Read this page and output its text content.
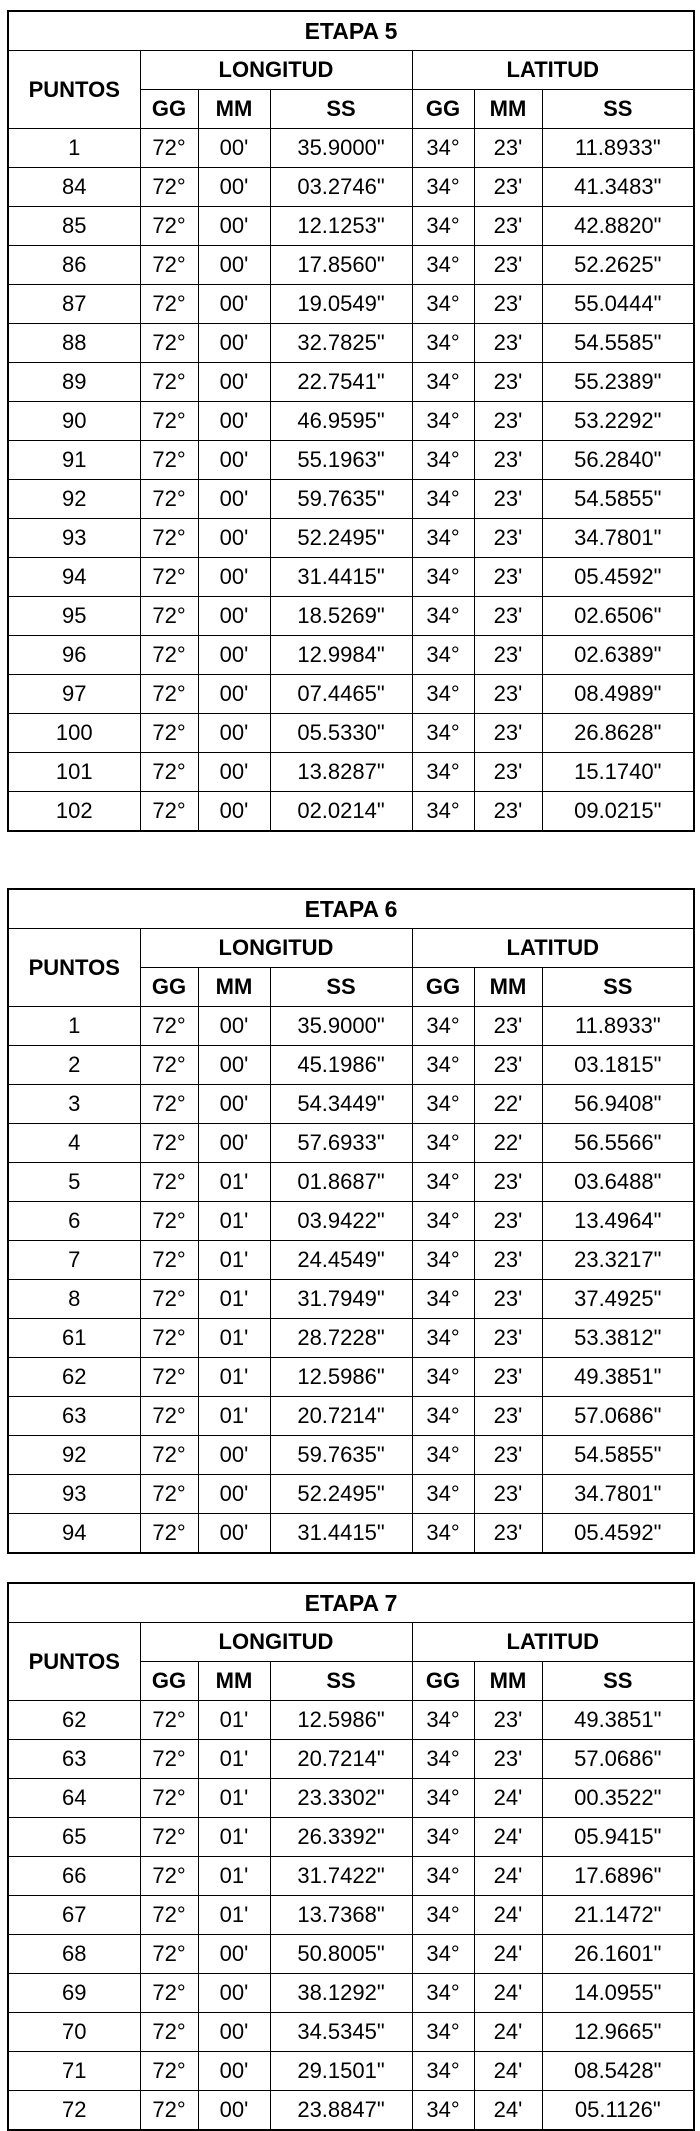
ETAPA 5						
PUNTOS	LONGITUD			LATITUD		
	GG	MM	SS	GG	MM	SS
1	72°	00'	35.9000"	34°	23'	11.8933"
84	72°	00'	03.2746"	34°	23'	41.3483"
85	72°	00'	12.1253"	34°	23'	42.8820"
86	72°	00'	17.8560"	34°	23'	52.2625"
87	72°	00'	19.0549"	34°	23'	55.0444"
88	72°	00'	32.7825"	34°	23'	54.5585"
89	72°	00'	22.7541"	34°	23'	55.2389"
90	72°	00'	46.9595"	34°	23'	53.2292"
91	72°	00'	55.1963"	34°	23'	56.2840"
92	72°	00'	59.7635"	34°	23'	54.5855"
93	72°	00'	52.2495"	34°	23'	34.7801"
94	72°	00'	31.4415"	34°	23'	05.4592"
95	72°	00'	18.5269"	34°	23'	02.6506"
96	72°	00'	12.9984"	34°	23'	02.6389"
97	72°	00'	07.4465"	34°	23'	08.4989"
100	72°	00'	05.5330"	34°	23'	26.8628"
101	72°	00'	13.8287"	34°	23'	15.1740"
102	72°	00'	02.0214"	34°	23'	09.0215"
ETAPA 6						
PUNTOS	LONGITUD			LATITUD		
	GG	MM	SS	GG	MM	SS
1	72°	00'	35.9000"	34°	23'	11.8933"
2	72°	00'	45.1986"	34°	23'	03.1815"
3	72°	00'	54.3449"	34°	22'	56.9408"
4	72°	00'	57.6933"	34°	22'	56.5566"
5	72°	01'	01.8687"	34°	23'	03.6488"
6	72°	01'	03.9422"	34°	23'	13.4964"
7	72°	01'	24.4549"	34°	23'	23.3217"
8	72°	01'	31.7949"	34°	23'	37.4925"
61	72°	01'	28.7228"	34°	23'	53.3812"
62	72°	01'	12.5986"	34°	23'	49.3851"
63	72°	01'	20.7214"	34°	23'	57.0686"
92	72°	00'	59.7635"	34°	23'	54.5855"
93	72°	00'	52.2495"	34°	23'	34.7801"
94	72°	00'	31.4415"	34°	23'	05.4592"
ETAPA 7						
PUNTOS	LONGITUD			LATITUD		
	GG	MM	SS	GG	MM	SS
62	72°	01'	12.5986"	34°	23'	49.3851"
63	72°	01'	20.7214"	34°	23'	57.0686"
64	72°	01'	23.3302"	34°	24'	00.3522"
65	72°	01'	26.3392"	34°	24'	05.9415"
66	72°	01'	31.7422"	34°	24'	17.6896"
67	72°	01'	13.7368"	34°	24'	21.1472"
68	72°	00'	50.8005"	34°	24'	26.1601"
69	72°	00'	38.1292"	34°	24'	14.0955"
70	72°	00'	34.5345"	34°	24'	12.9665"
71	72°	00'	29.1501"	34°	24'	08.5428"
72	72°	00'	23.8847"	34°	24'	05.1126"
